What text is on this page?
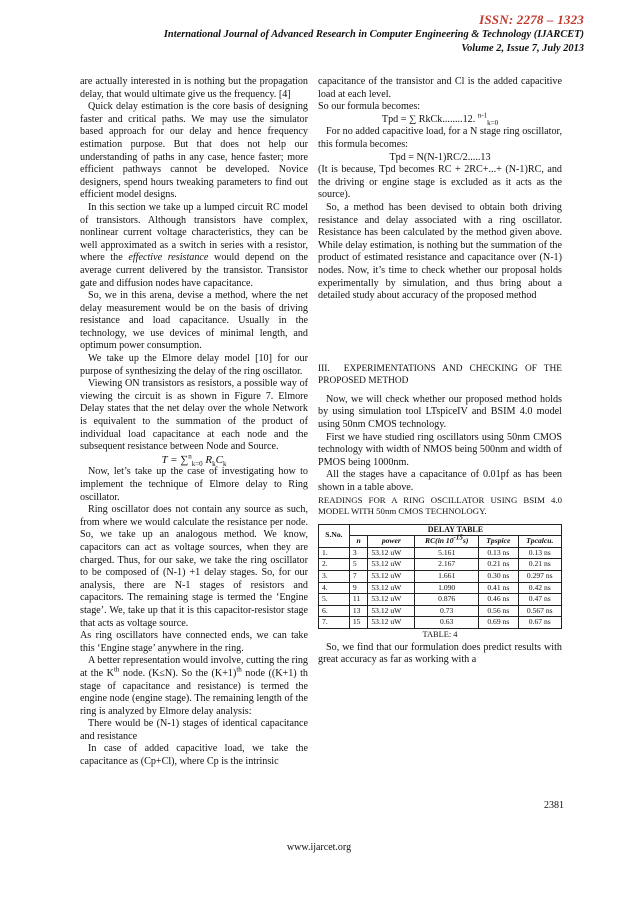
ISSN: 2278 – 1323
International Journal of Advanced Research in Computer Engineering & Technology (IJARCET)
Volume 2, Issue 7, July 2013

are actually interested in is nothing but the propagation delay, that would ultimate give us the frequency. [4]

Quick delay estimation is the core basis of designing faster and critical paths. We may use the simulator based approach for our delay and hence frequency estimation purpose. But that does not help our understanding of paths in any case, hence faster; more efficient pathways cannot be developed. Novice designers, spend hours tweaking parameters to find out efficient model designs.

In this section we take up a lumped circuit RC model of transistors. Although transistors have complex, nonlinear current voltage characteristics, they can be well approximated as a switch in series with a resistor, where the effective resistance would depend on the average current delivered by the transistor. Transistor gate and diffusion nodes have capacitance.

So, we in this arena, devise a method, where the net delay measurement would be on the basis of driving resistance and load capacitance. Usually in the technology, we use devices of minimal length, and optimum power consumption.

We take up the Elmore delay model [10] for our purpose of synthesizing the delay of the ring oscillator.

Viewing ON transistors as resistors, a possible way of viewing the circuit is as shown in Figure 7. Elmore Delay states that the net delay over the whole Network is equivalent to the summation of the product of individual load capacitance at each node and the subsequent resistance between Node and Source.

T = ∑$^n_{k=0}$ $R_kC_k$

Now, let’s take up the case of investigating how to implement the technique of Elmore delay to Ring oscillator.

Ring oscillator does not contain any source as such, from where we would calculate the resistance per node. So, we take up an analogous method. We know, capacitors can act as voltage sources, when they are charged. Thus, for our sake, we take the ring oscillator to be composed of (N-1) +1 delay stages. So, for our analysis, there are N-1 stages of resistors and capacitors. The remaining stage is termed the ‘Engine stage’. We, take up that it is this capacitor-resistor stage that acts as voltage source.

As ring oscillators have connected ends, we can take this ‘Engine stage’ anywhere in the ring.

A better representation would involve, cutting the ring at the $K^{th}$ node. (K≤N). So the $(K+1)^{th}$ node ((K+1) th stage of capacitance and resistance) is termed the engine node (engine stage). The remaining length of the ring is analyzed by Elmore delay analysis:

There would be (N-1) stages of identical capacitance and resistance

In case of added capacitive load, we take the capacitance as (Cp+Cl), where Cp is the intrinsic

capacitance of the transistor and Cl is the added capacitive load at each level.

So our formula becomes:

Tpd = ∑ RkCk........12. $^{n-1}_{k=0}$

For no added capacitive load, for a N stage ring oscillator, this formula becomes:

Tpd = N(N-1)RC/2.....13

(It is because, Tpd becomes RC + 2RC+...+ (N-1)RC, and the driving or engine stage is excluded as it acts as the source).

So, a method has been devised to obtain both driving resistance and delay associated with a ring oscillator. Resistance has been calculated by the method given above. While delay estimation, is nothing but the summation of the product of estimated resistance and capacitance over (N-1) nodes. Now, it’s time to check whether our proposal holds experimentally by simulation, and thus bring about a detailed study about accuracy of the proposed method

III. EXPERIMENTATIONS AND CHECKING OF THE PROPOSED METHOD

Now, we will check whether our proposed method holds by using simulation tool LTspiceIV and BSIM 4.0 model using 50nm CMOS technology.

First we have studied ring oscillators using 50nm CMOS technology with width of NMOS being 500nm and width of PMOS being 1000nm.

All the stages have a capacitance of 0.01pf as has been shown in a table above.

READINGS FOR A RING OSCILLATOR USING BSIM 4.0 MODEL WITH 50nm CMOS TECHNOLOGY.

S.No.	DELAY TABLE				
	n	power	RC(in 10-15s)	Tpspice	Tpcalcu.
1.	3	53.12 uW	5.161	0.13 ns	0.13 ns
2.	5	53.12 uW	2.167	0.21 ns	0.21 ns
3.	7	53.12 uW	1.661	0.30 ns	0.297 ns
4.	9	53.12 uW	1.090	0.41 ns	0.42 ns
5.	11	53.12 uW	0.876	0.46 ns	0.47 ns
6.	13	53.12 uW	0.73	0.56 ns	0.567 ns
7.	15	53.12 uW	0.63	0.69 ns	0.67 ns

TABLE: 4

So, we find that our formulation does predict results with great accuracy as far as working with a

2381
www.ijarcet.org
